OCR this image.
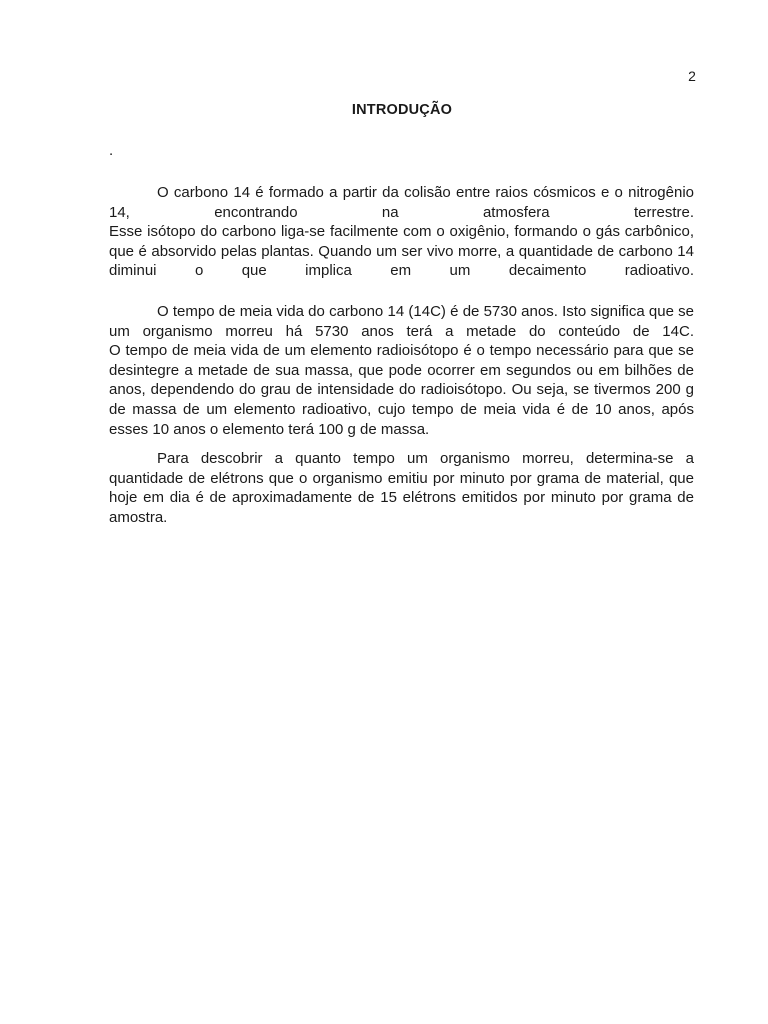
2
INTRODUÇÃO
.

O carbono 14 é formado a partir da colisão entre raios cósmicos e o nitrogênio 14, encontrando na atmosfera terrestre.

Esse isótopo do carbono liga-se facilmente com o oxigênio, formando o gás carbônico, que é absorvido pelas plantas. Quando um ser vivo morre, a quantidade de carbono 14 diminui o que implica em um decaimento radioativo.

O tempo de meia vida do carbono 14 (14C) é de 5730 anos. Isto significa que se um organismo morreu há 5730 anos terá a metade do conteúdo de 14C.

O tempo de meia vida de um elemento radioisótopo é o tempo necessário para que se desintegre a metade de sua massa, que pode ocorrer em segundos ou em bilhões de anos, dependendo do grau de intensidade do radioisótopo. Ou seja, se tivermos 200 g de massa de um elemento radioativo, cujo tempo de meia vida é de 10 anos, após esses 10 anos o elemento terá 100 g de massa.

Para descobrir a quanto tempo um organismo morreu, determina-se a quantidade de elétrons que o organismo emitiu por minuto por grama de material, que hoje em dia é de aproximadamente de 15 elétrons emitidos por minuto por grama de amostra.
